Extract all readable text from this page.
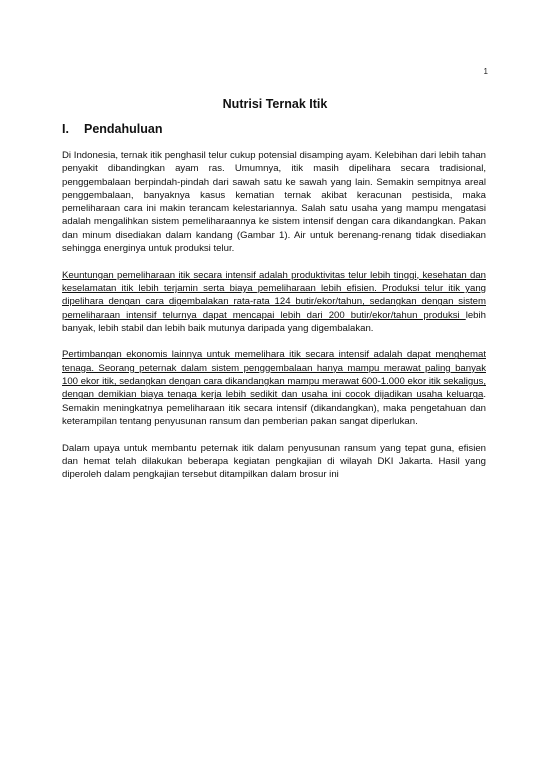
1
Nutrisi Ternak Itik
I. Pendahuluan

Di Indonesia, ternak itik penghasil telur cukup potensial disamping ayam. Kelebihan dari lebih tahan penyakit dibandingkan ayam ras. Umumnya, itik masih dipelihara secara tradisional, penggembalaan berpindah-pindah dari sawah satu ke sawah yang lain. Semakin sempitnya areal penggembalaan, banyaknya kasus kematian ternak akibat keracunan pestisida, maka pemeliharaan cara ini makin terancam kelestariannya. Salah satu usaha yang mampu mengatasi adalah mengalihkan sistem pemeliharaannya ke sistem intensif dengan cara dikandangkan. Pakan dan minum disediakan dalam kandang (Gambar 1). Air untuk berenang-renang tidak disediakan sehingga energinya untuk produksi telur.

Keuntungan pemeliharaan itik secara intensif adalah produktivitas telur lebih tinggi, kesehatan dan keselamatan itik lebih terjamin serta biaya pemeliharaan lebih efisien. Produksi telur itik yang dipelihara dengan cara digembalakan rata-rata 124 butir/ekor/tahun, sedangkan dengan sistem pemeliharaan intensif telurnya dapat mencapai lebih dari 200 butir/ekor/tahun produksi lebih banyak, lebih stabil dan lebih baik mutunya daripada yang digembalakan.

Pertimbangan ekonomis lainnya untuk memelihara itik secara intensif adalah dapat menghemat tenaga. Seorang peternak dalam sistem penggembalaan hanya mampu merawat paling banyak 100 ekor itik, sedangkan dengan cara dikandangkan mampu merawat 600-1.000 ekor itik sekaligus, dengan demikian biaya tenaga kerja lebih sedikit dan usaha ini cocok dijadikan usaha keluarga. Semakin meningkatnya pemeliharaan itik secara intensif (dikandangkan), maka pengetahuan dan keterampilan tentang penyusunan ransum dan pemberian pakan sangat diperlukan.

Dalam upaya untuk membantu peternak itik dalam penyusunan ransum yang tepat guna, efisien dan hemat telah dilakukan beberapa kegiatan pengkajian di wilayah DKI Jakarta. Hasil yang diperoleh dalam pengkajian tersebut ditampilkan dalam brosur ini
